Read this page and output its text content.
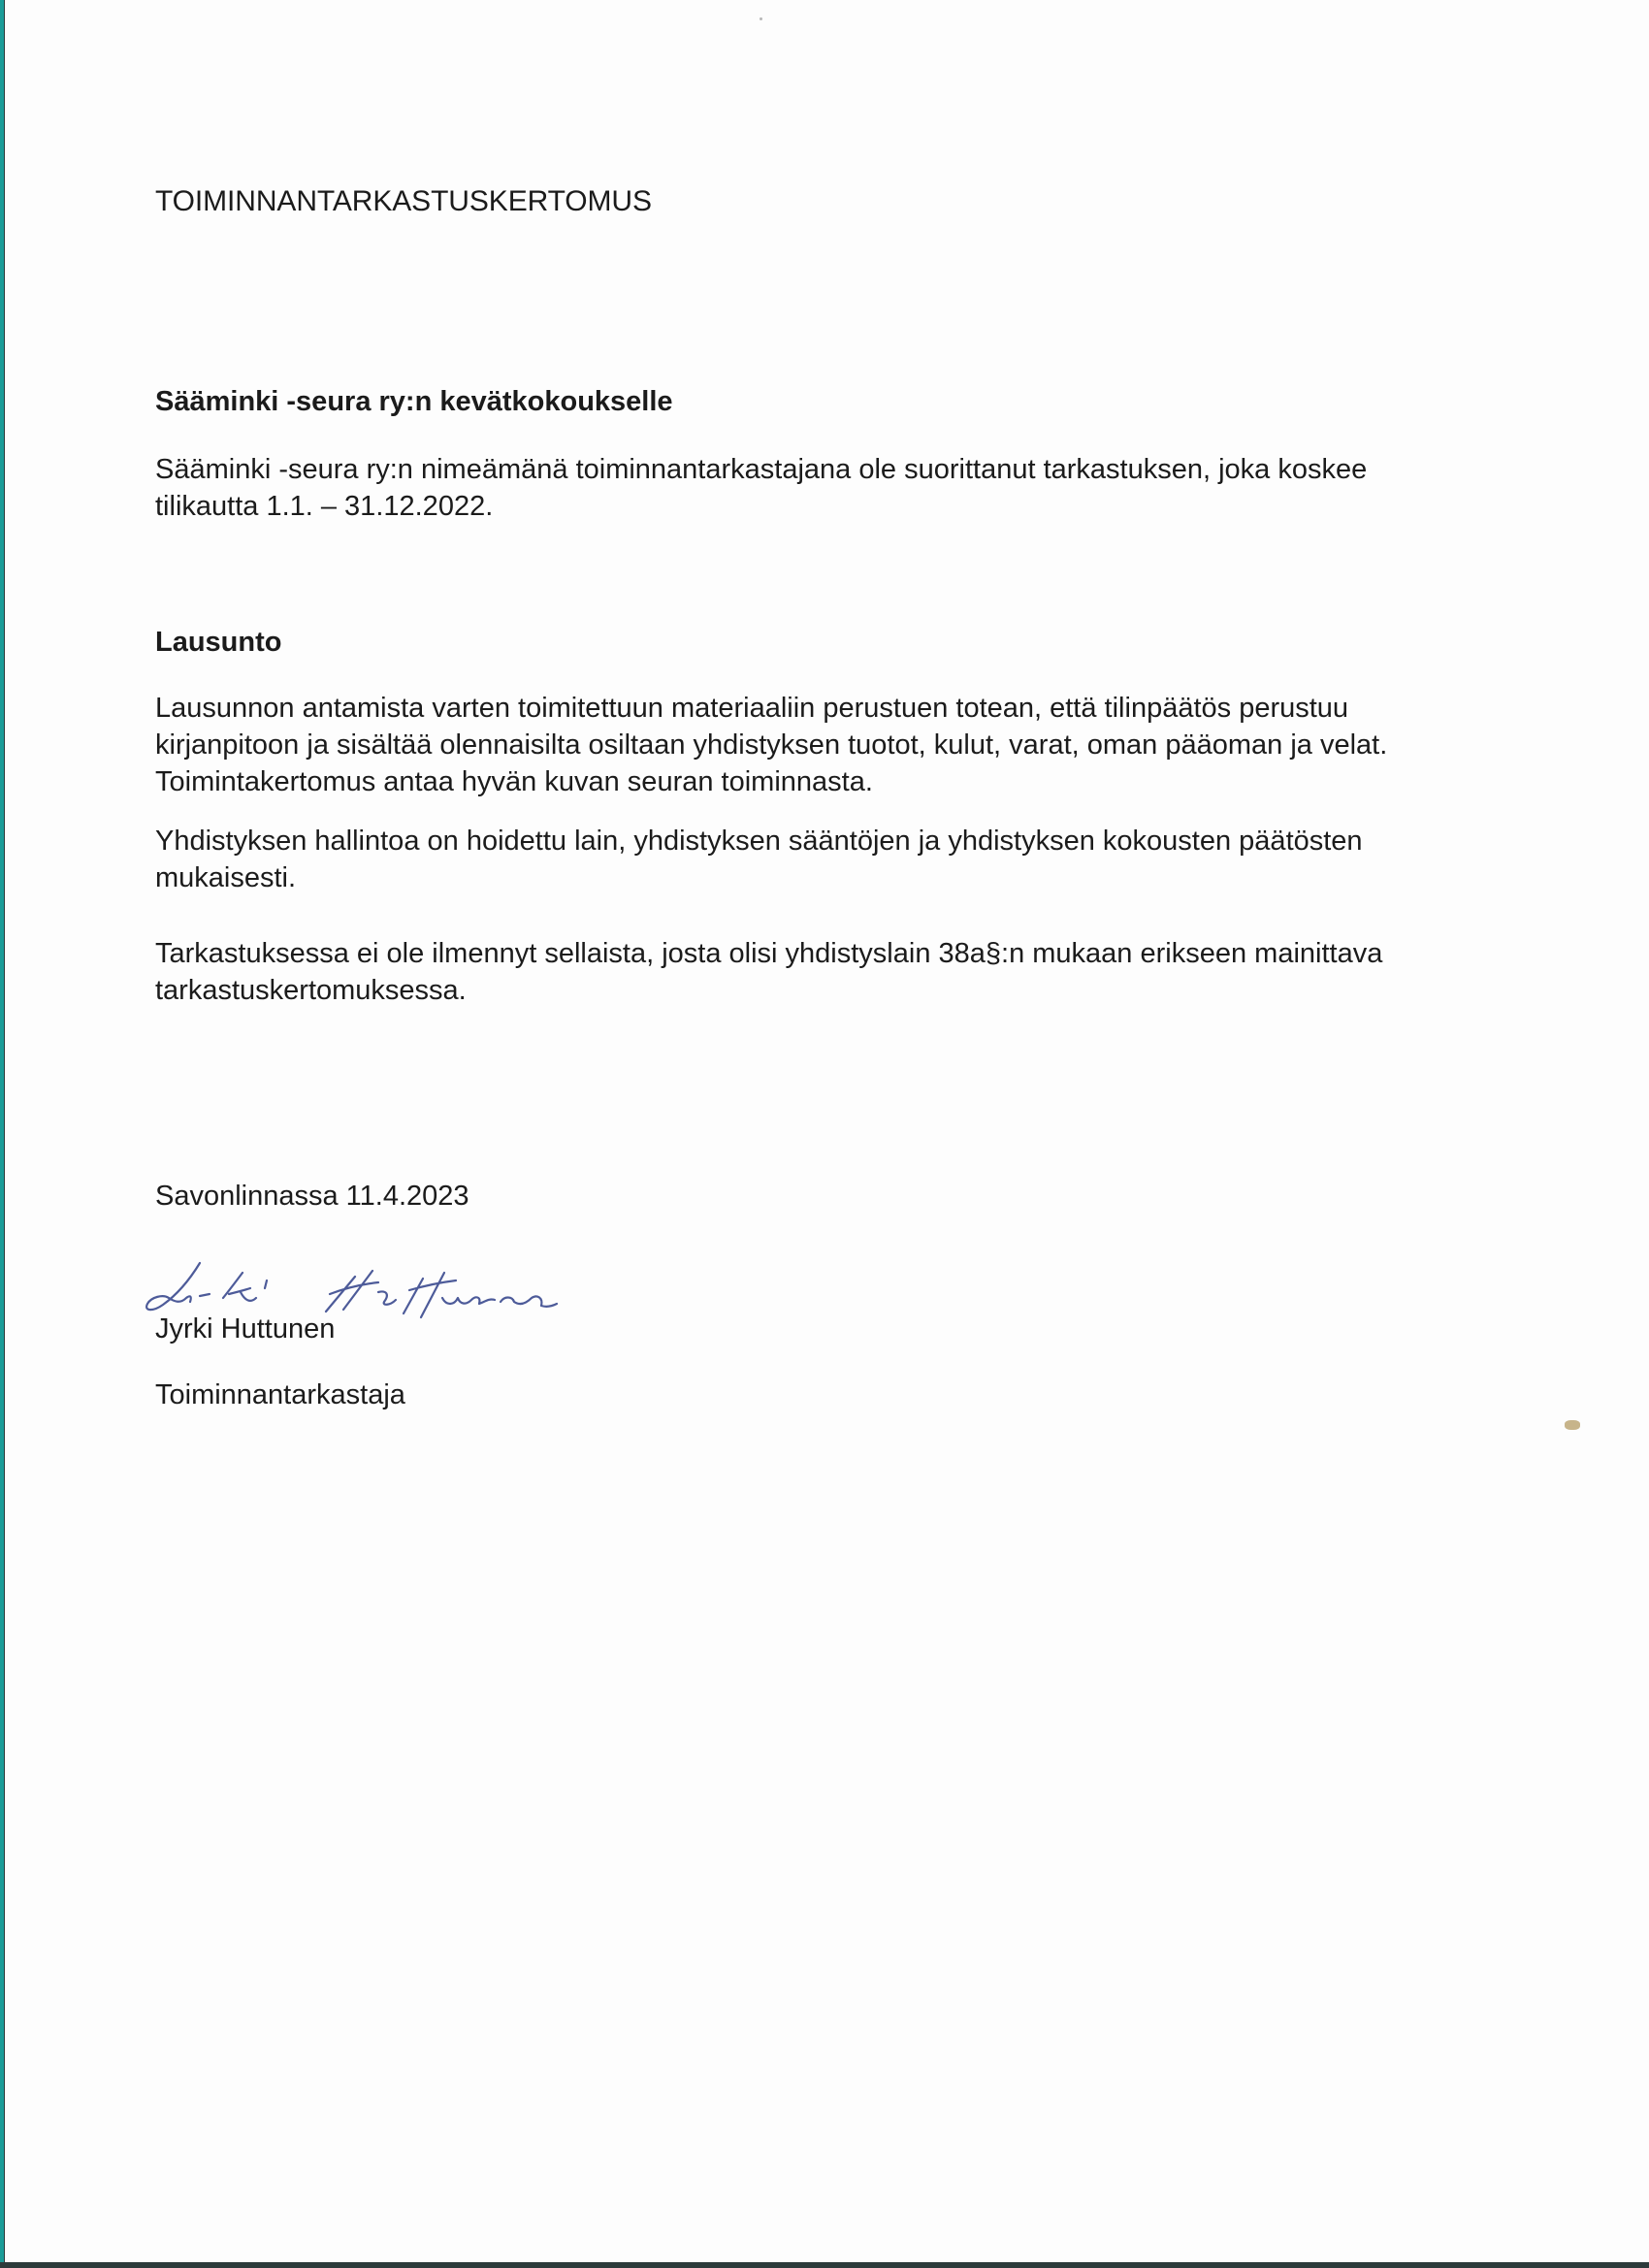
TOIMINNANTARKASTUSKERTOMUS
Sääminki -seura ry:n kevätkokoukselle
Sääminki -seura ry:n nimeämänä toiminnantarkastajana ole suorittanut tarkastuksen, joka koskee
tilikautta 1.1. – 31.12.2022.
Lausunto
Lausunnon antamista varten toimitettuun materiaaliin perustuen totean, että tilinpäätös perustuu
kirjanpitoon ja sisältää olennaisilta osiltaan yhdistyksen tuotot, kulut, varat, oman pääoman ja velat.
Toimintakertomus antaa hyvän kuvan seuran toiminnasta.
Yhdistyksen hallintoa on hoidettu lain, yhdistyksen sääntöjen ja yhdistyksen kokousten päätösten
mukaisesti.
Tarkastuksessa ei ole ilmennyt sellaista, josta olisi yhdistyslain 38a§:n mukaan erikseen mainittava
tarkastuskertomuksessa.
Savonlinnassa 11.4.2023
Jyrki Huttunen
Toiminnantarkastaja
